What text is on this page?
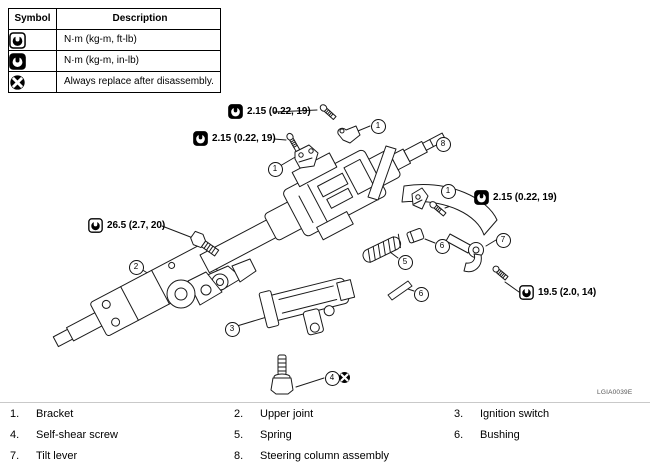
Symbol	Description

	N·m (kg-m, ft-lb)

	N·m (kg-m, in-lb)

	Always replace after disassembly.
2.15 (0.22, 19)
2.15 (0.22, 19)
2.15 (0.22, 19)
26.5 (2.7, 20)
19.5 (2.0, 14)
1
1
1
8
2
3
4
5
6
6
7
1. Bracket	2. Upper joint	3. Ignition switch
4. Self-shear screw	5. Spring	6. Bushing
7. Tilt lever	8. Steering column assembly
LGIA0039E
